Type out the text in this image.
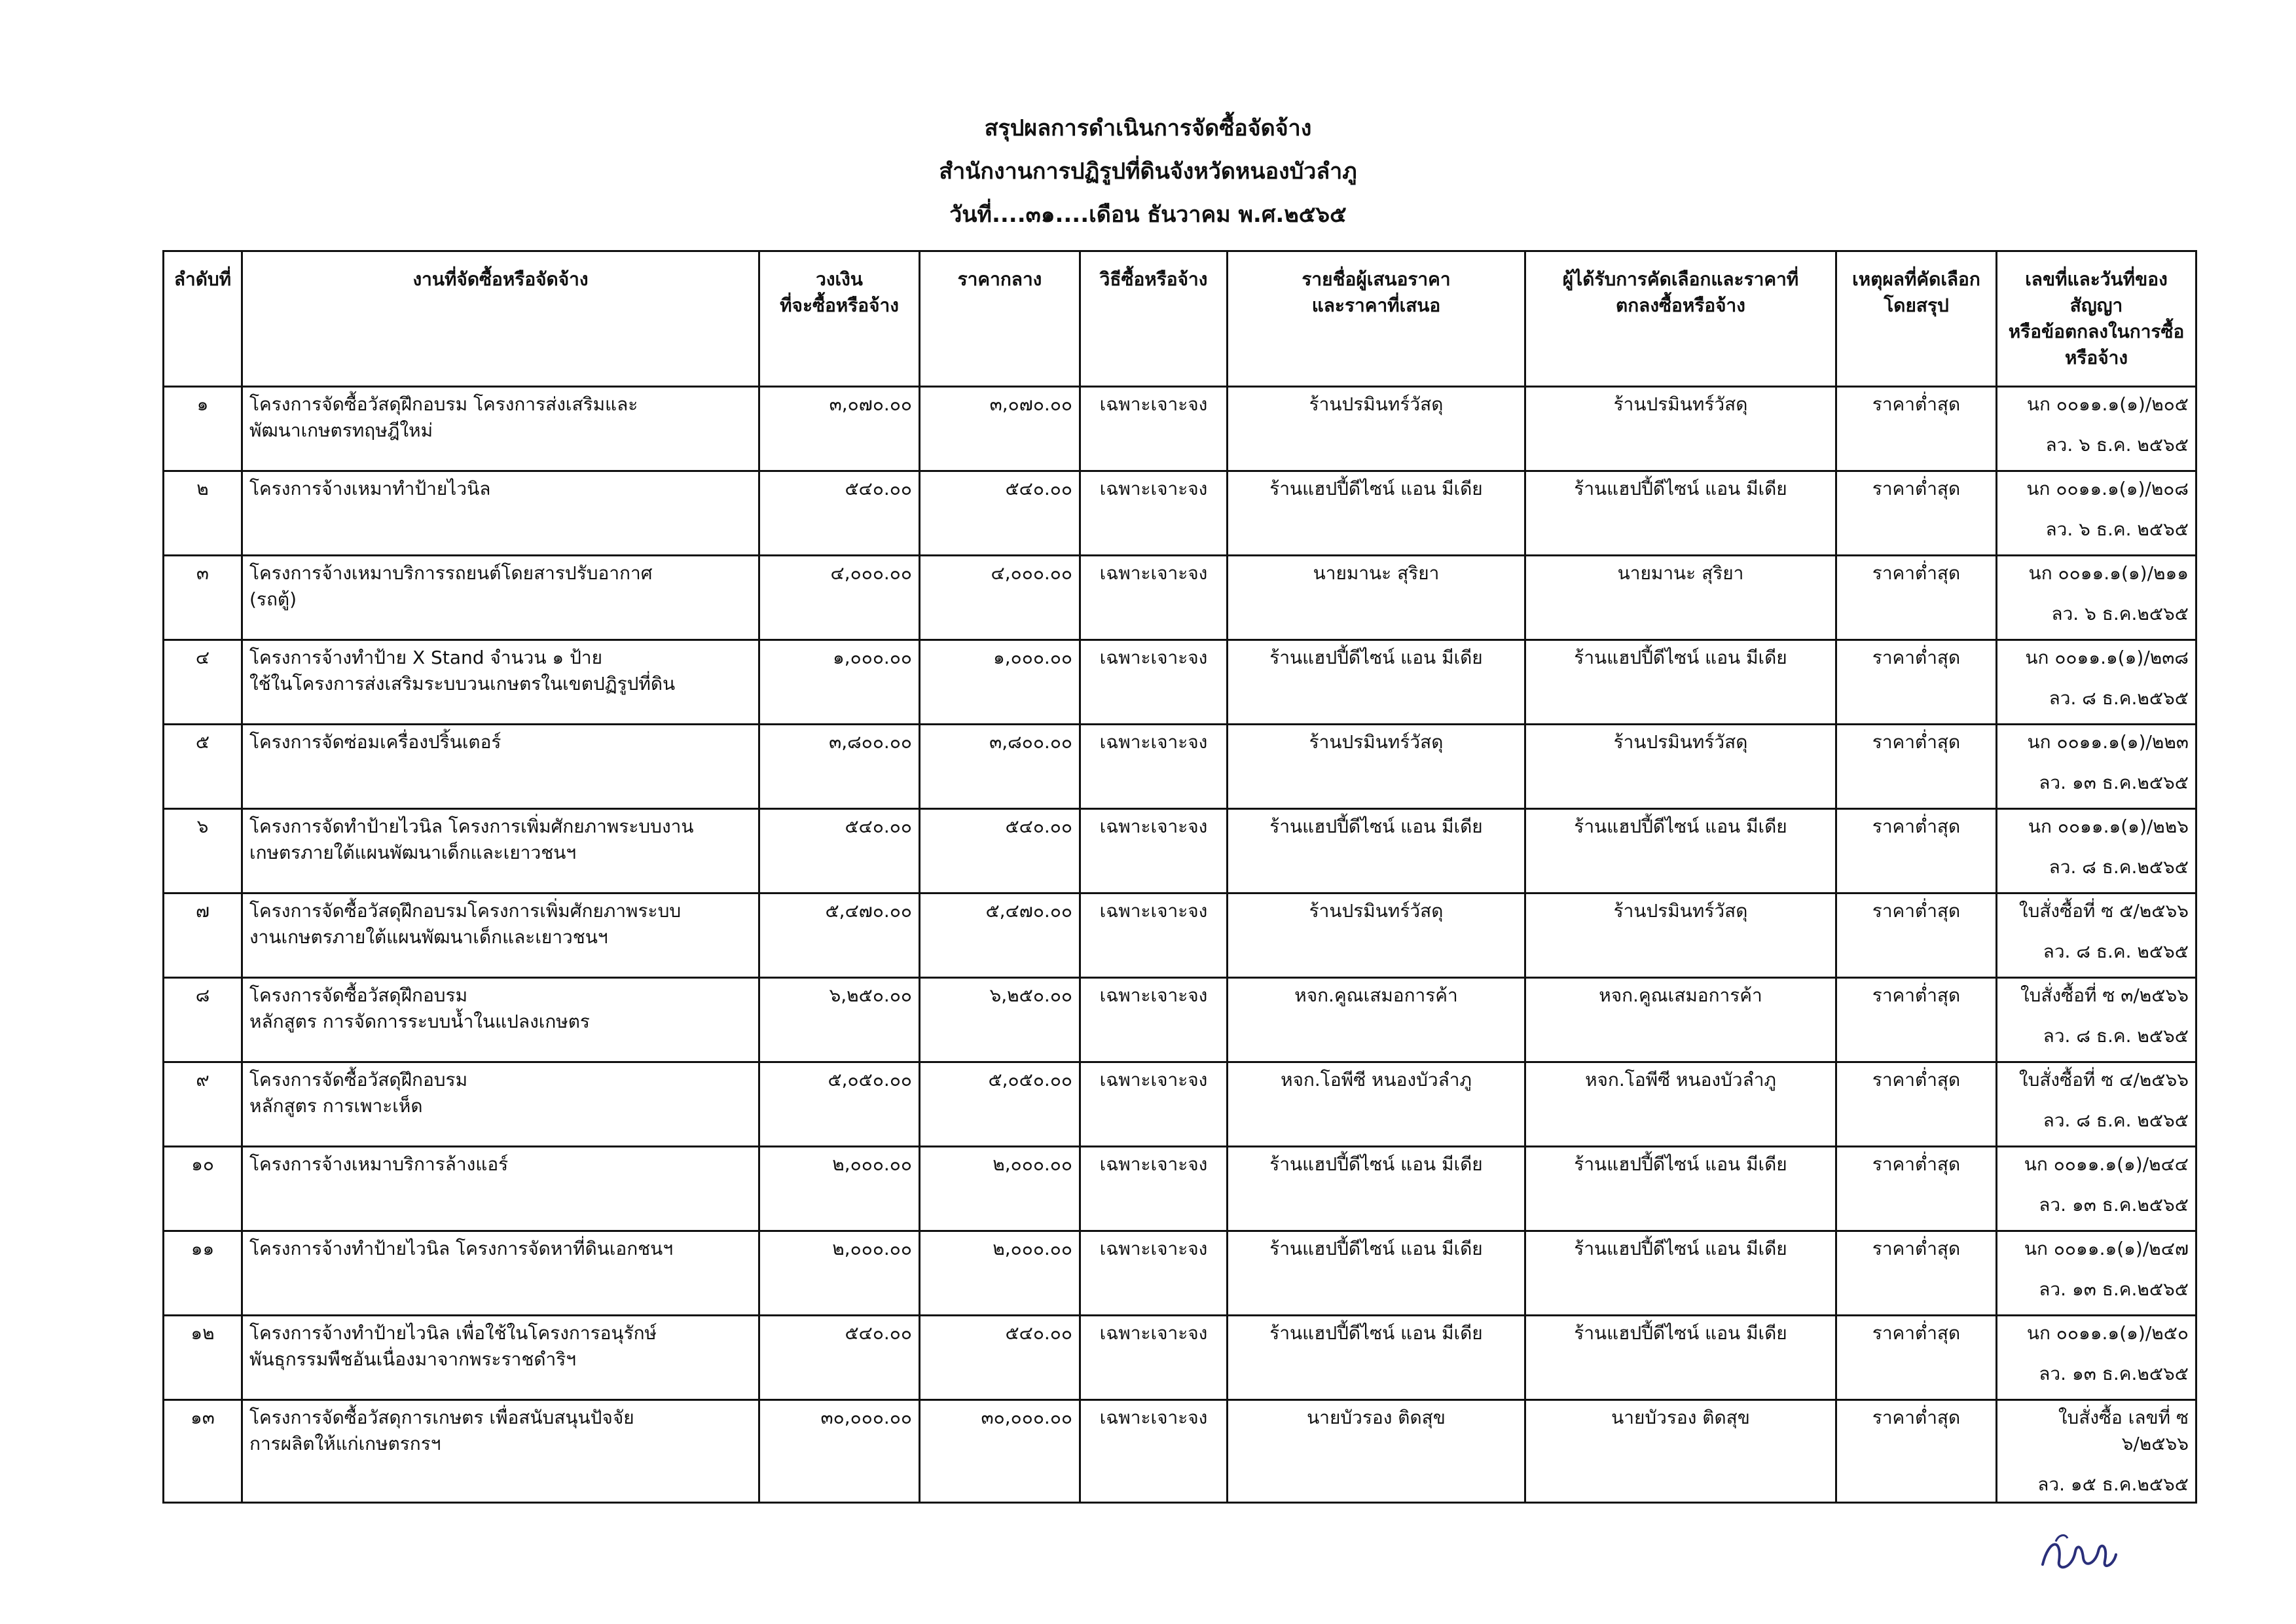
สรุปผลการดำเนินการจัดซื้อจัดจ้าง
สำนักงานการปฏิรูปที่ดินจังหวัดหนองบัวลำภู
วันที่....๓๑....เดือน ธันวาคม พ.ศ.๒๕๖๕
ลำดับที่	งานที่จัดซื้อหรือจัดจ้าง	วงเงิน
ที่จะซื้อหรือจ้าง	ราคากลาง	วิธีซื้อหรือจ้าง	รายชื่อผู้เสนอราคา
และราคาที่เสนอ	ผู้ได้รับการคัดเลือกและราคาที่
ตกลงซื้อหรือจ้าง	เหตุผลที่คัดเลือก
โดยสรุป	เลขที่และวันที่ของสัญญา
หรือข้อตกลงในการซื้อ
หรือจ้าง
๑	โครงการจัดซื้อวัสดุฝึกอบรม โครงการส่งเสริมและ
พัฒนาเกษตรทฤษฎีใหม่	๓,๐๗๐.๐๐	๓,๐๗๐.๐๐	เฉพาะเจาะจง	ร้านปรมินทร์วัสดุ	ร้านปรมินทร์วัสดุ	ราคาต่ำสุด	นก ๐๐๑๑.๑(๑)/๒๐๕
ลว. ๖ ธ.ค. ๒๕๖๕

๒	โครงการจ้างเหมาทำป้ายไวนิล	๕๔๐.๐๐	๕๔๐.๐๐	เฉพาะเจาะจง	ร้านแฮปปี้ดีไซน์ แอน มีเดีย	ร้านแฮปปี้ดีไซน์ แอน มีเดีย	ราคาต่ำสุด	นก ๐๐๑๑.๑(๑)/๒๐๘
ลว. ๖ ธ.ค. ๒๕๖๕

๓	โครงการจ้างเหมาบริการรถยนต์โดยสารปรับอากาศ
(รถตู้)	๔,๐๐๐.๐๐	๔,๐๐๐.๐๐	เฉพาะเจาะจง	นายมานะ สุริยา	นายมานะ สุริยา	ราคาต่ำสุด	นก ๐๐๑๑.๑(๑)/๒๑๑
ลว. ๖ ธ.ค.๒๕๖๕

๔	โครงการจ้างทำป้าย X Stand จำนวน ๑ ป้าย
ใช้ในโครงการส่งเสริมระบบวนเกษตรในเขตปฏิรูปที่ดิน	๑,๐๐๐.๐๐	๑,๐๐๐.๐๐	เฉพาะเจาะจง	ร้านแฮปปี้ดีไซน์ แอน มีเดีย	ร้านแฮปปี้ดีไซน์ แอน มีเดีย	ราคาต่ำสุด	นก ๐๐๑๑.๑(๑)/๒๓๘
ลว. ๘ ธ.ค.๒๕๖๕

๕	โครงการจัดซ่อมเครื่องปริ้นเตอร์	๓,๘๐๐.๐๐	๓,๘๐๐.๐๐	เฉพาะเจาะจง	ร้านปรมินทร์วัสดุ	ร้านปรมินทร์วัสดุ	ราคาต่ำสุด	นก ๐๐๑๑.๑(๑)/๒๒๓
ลว. ๑๓ ธ.ค.๒๕๖๕

๖	โครงการจัดทำป้ายไวนิล โครงการเพิ่มศักยภาพระบบงาน
เกษตรภายใต้แผนพัฒนาเด็กและเยาวชนฯ	๕๔๐.๐๐	๕๔๐.๐๐	เฉพาะเจาะจง	ร้านแฮปปี้ดีไซน์ แอน มีเดีย	ร้านแฮปปี้ดีไซน์ แอน มีเดีย	ราคาต่ำสุด	นก ๐๐๑๑.๑(๑)/๒๒๖
ลว. ๘ ธ.ค.๒๕๖๕

๗	โครงการจัดซื้อวัสดุฝึกอบรมโครงการเพิ่มศักยภาพระบบ
งานเกษตรภายใต้แผนพัฒนาเด็กและเยาวชนฯ	๕,๔๗๐.๐๐	๕,๔๗๐.๐๐	เฉพาะเจาะจง	ร้านปรมินทร์วัสดุ	ร้านปรมินทร์วัสดุ	ราคาต่ำสุด	ใบสั่งซื้อที่ ซ ๕/๒๕๖๖
ลว. ๘ ธ.ค. ๒๕๖๕

๘	โครงการจัดซื้อวัสดุฝึกอบรม
หลักสูตร การจัดการระบบน้ำในแปลงเกษตร	๖,๒๕๐.๐๐	๖,๒๕๐.๐๐	เฉพาะเจาะจง	หจก.คูณเสมอการค้า	หจก.คูณเสมอการค้า	ราคาต่ำสุด	ใบสั่งซื้อที่ ซ ๓/๒๕๖๖
ลว. ๘ ธ.ค. ๒๕๖๕

๙	โครงการจัดซื้อวัสดุฝึกอบรม
หลักสูตร การเพาะเห็ด	๕,๐๕๐.๐๐	๕,๐๕๐.๐๐	เฉพาะเจาะจง	หจก.โอพีซี หนองบัวลำภู	หจก.โอพีซี หนองบัวลำภู	ราคาต่ำสุด	ใบสั่งซื้อที่ ซ ๔/๒๕๖๖
ลว. ๘ ธ.ค. ๒๕๖๕

๑๐	โครงการจ้างเหมาบริการล้างแอร์	๒,๐๐๐.๐๐	๒,๐๐๐.๐๐	เฉพาะเจาะจง	ร้านแฮปปี้ดีไซน์ แอน มีเดีย	ร้านแฮปปี้ดีไซน์ แอน มีเดีย	ราคาต่ำสุด	นก ๐๐๑๑.๑(๑)/๒๔๔
ลว. ๑๓ ธ.ค.๒๕๖๕

๑๑	โครงการจ้างทำป้ายไวนิล โครงการจัดหาที่ดินเอกชนฯ	๒,๐๐๐.๐๐	๒,๐๐๐.๐๐	เฉพาะเจาะจง	ร้านแฮปปี้ดีไซน์ แอน มีเดีย	ร้านแฮปปี้ดีไซน์ แอน มีเดีย	ราคาต่ำสุด	นก ๐๐๑๑.๑(๑)/๒๔๗
ลว. ๑๓ ธ.ค.๒๕๖๕

๑๒	โครงการจ้างทำป้ายไวนิล เพื่อใช้ในโครงการอนุรักษ์
พันธุกรรมพืชอันเนื่องมาจากพระราชดำริฯ	๕๔๐.๐๐	๕๔๐.๐๐	เฉพาะเจาะจง	ร้านแฮปปี้ดีไซน์ แอน มีเดีย	ร้านแฮปปี้ดีไซน์ แอน มีเดีย	ราคาต่ำสุด	นก ๐๐๑๑.๑(๑)/๒๕๐
ลว. ๑๓ ธ.ค.๒๕๖๕

๑๓	โครงการจัดซื้อวัสดุการเกษตร เพื่อสนับสนุนปัจจัย
การผลิตให้แก่เกษตรกรฯ	๓๐,๐๐๐.๐๐	๓๐,๐๐๐.๐๐	เฉพาะเจาะจง	นายบัวรอง ติดสุข	นายบัวรอง ติดสุข	ราคาต่ำสุด	ใบสั่งซื้อ เลขที่ ซ ๖/๒๕๖๖
ลว. ๑๕ ธ.ค.๒๕๖๕
